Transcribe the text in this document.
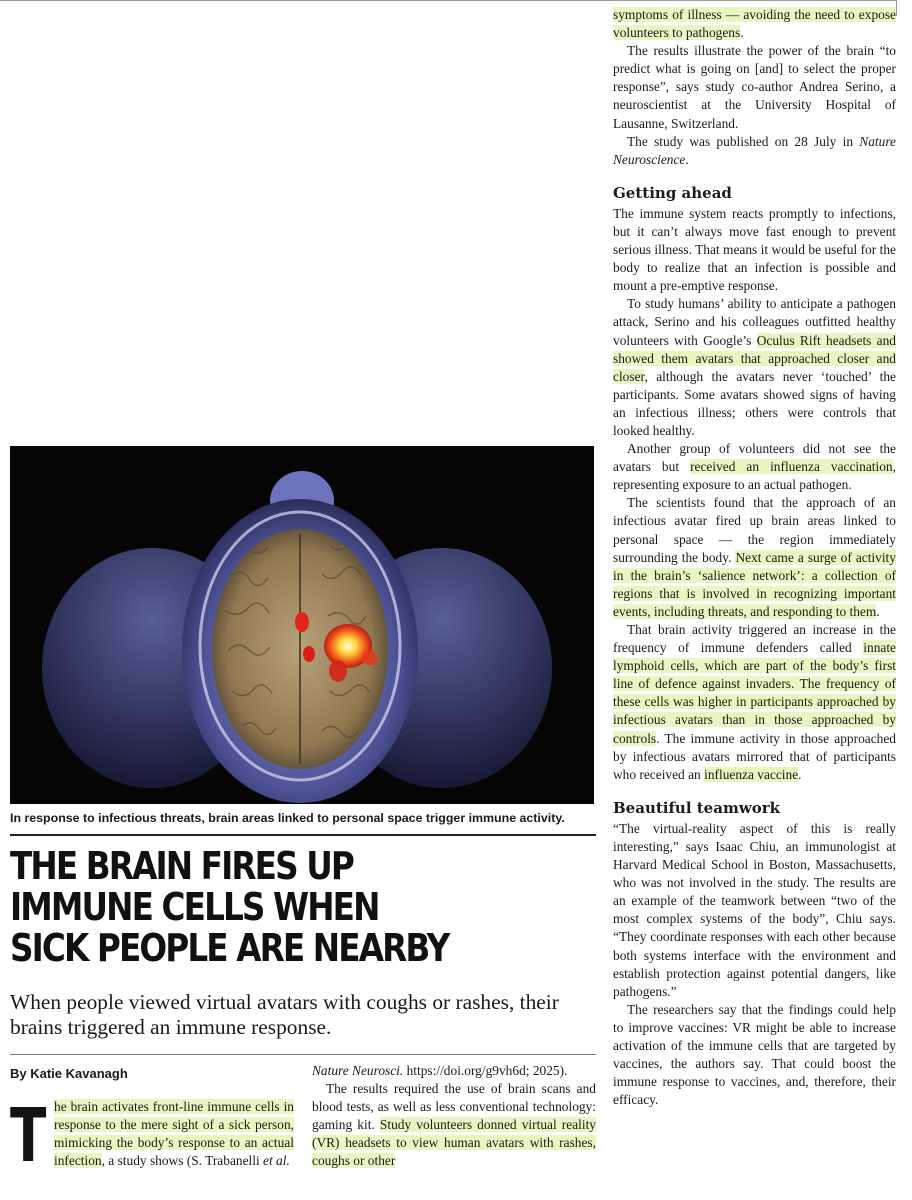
symptoms of illness — avoiding the need to expose volunteers to pathogens.

The results illustrate the power of the brain “to predict what is going on [and] to select the proper response”, says study co-author Andrea Serino, a neuroscientist at the University Hospital of Lausanne, Switzerland.

The study was published on 28 July in Nature Neuroscience.

Getting ahead

The immune system reacts promptly to infections, but it can’t always move fast enough to prevent serious illness. That means it would be useful for the body to realize that an infection is possible and mount a pre-emptive response.

To study humans’ ability to anticipate a pathogen attack, Serino and his colleagues outfitted healthy volunteers with Google’s Oculus Rift headsets and showed them avatars that approached closer and closer, although the avatars never ‘touched’ the participants. Some avatars showed signs of having an infectious illness; others were controls that looked healthy.

Another group of volunteers did not see the avatars but received an influenza vaccination, representing exposure to an actual pathogen.

The scientists found that the approach of an infectious avatar fired up brain areas linked to personal space — the region immediately surrounding the body. Next came a surge of activity in the brain’s ‘salience network’: a collection of regions that is involved in recognizing important events, including threats, and responding to them.

That brain activity triggered an increase in the frequency of immune defenders called innate lymphoid cells, which are part of the body’s first line of defence against invaders. The frequency of these cells was higher in participants approached by infectious avatars than in those approached by controls. The immune activity in those approached by infectious avatars mirrored that of participants who received an influenza vaccine.

Beautiful teamwork

“The virtual-reality aspect of this is really interesting,” says Isaac Chiu, an immunologist at Harvard Medical School in Boston, Massachusetts, who was not involved in the study. The results are an example of the teamwork between “two of the most complex systems of the body”, Chiu says. “They coordinate responses with each other because both systems interface with the environment and establish protection against potential dangers, like pathogens.”

The researchers say that the findings could help to improve vaccines: VR might be able to increase activation of the immune cells that are targeted by vaccines, the authors say. That could boost the immune response to vaccines, and, therefore, their efficacy.

In response to infectious threats, brain areas linked to personal space trigger immune activity.
THE BRAIN FIRES UP
IMMUNE CELLS WHEN
SICK PEOPLE ARE NEARBY
When people viewed virtual avatars with coughs or rashes, their brains triggered an immune response.
By Katie Kavanagh
The brain activates front-line immune cells in response to the mere sight of a sick person, mimicking the body’s response to an actual infection, a study shows (S. Trabanelli et al.

Nature Neurosci. https://doi.org/g9vh6d; 2025).

The results required the use of brain scans and blood tests, as well as less conventional technology: gaming kit. Study volunteers donned virtual reality (VR) headsets to view human avatars with rashes, coughs or other
